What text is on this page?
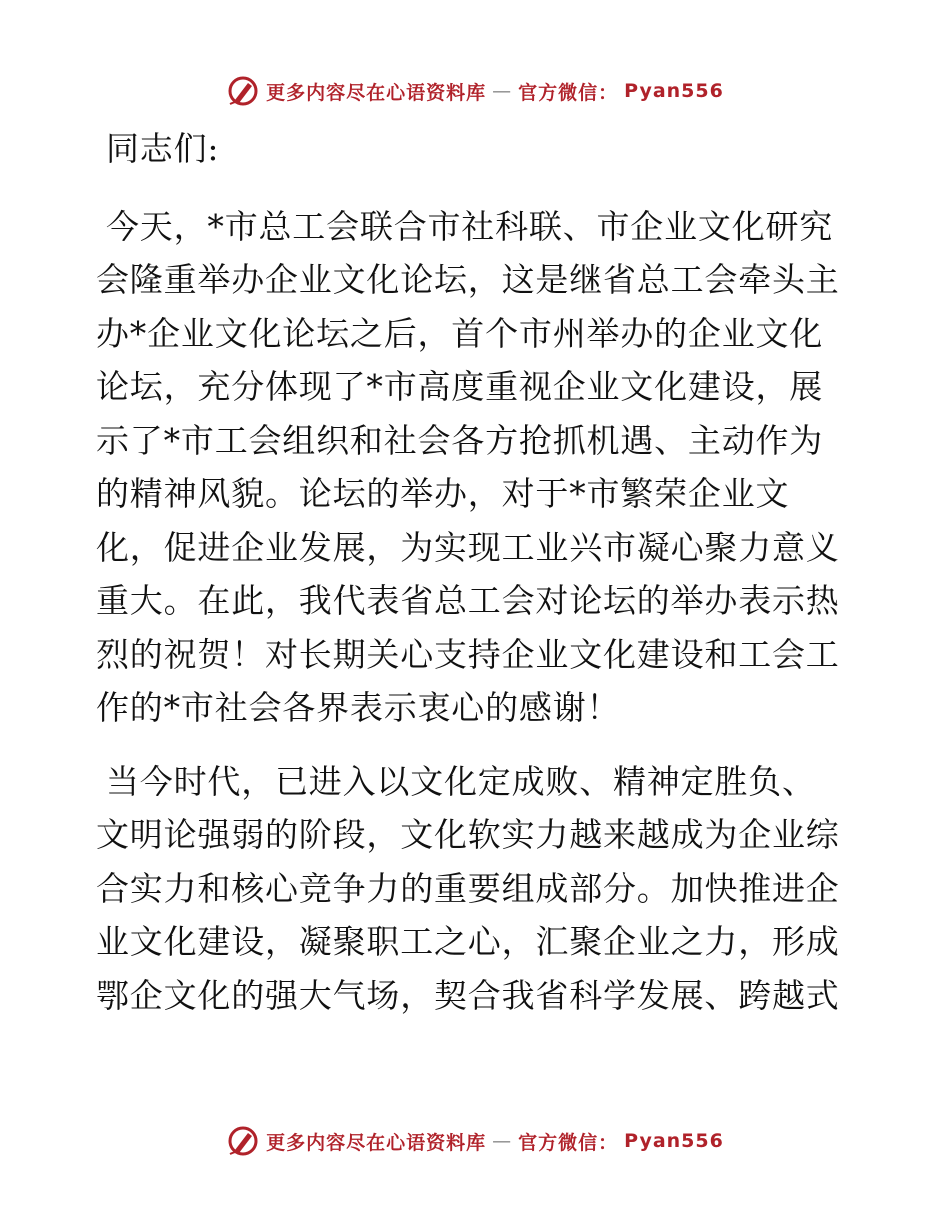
更多内容尽在心语资料库 — 官方微信： Pyan556
同志们:
今天，*市总工会联合市社科联、市企业文化研究
会隆重举办企业文化论坛，这是继省总工会牵头主
办*企业文化论坛之后，首个市州举办的企业文化
论坛，充分体现了*市高度重视企业文化建设，展
示了*市工会组织和社会各方抢抓机遇、主动作为
的精神风貌。论坛的举办，对于*市繁荣企业文
化，促进企业发展，为实现工业兴市凝心聚力意义
重大。在此，我代表省总工会对论坛的举办表示热
烈的祝贺！对长期关心支持企业文化建设和工会工
作的*市社会各界表示衷心的感谢！
当今时代，已进入以文化定成败、精神定胜负、
文明论强弱的阶段，文化软实力越来越成为企业综
合实力和核心竞争力的重要组成部分。加快推进企
业文化建设，凝聚职工之心，汇聚企业之力，形成
鄂企文化的强大气场，契合我省科学发展、跨越式
更多内容尽在心语资料库 — 官方微信： Pyan556
